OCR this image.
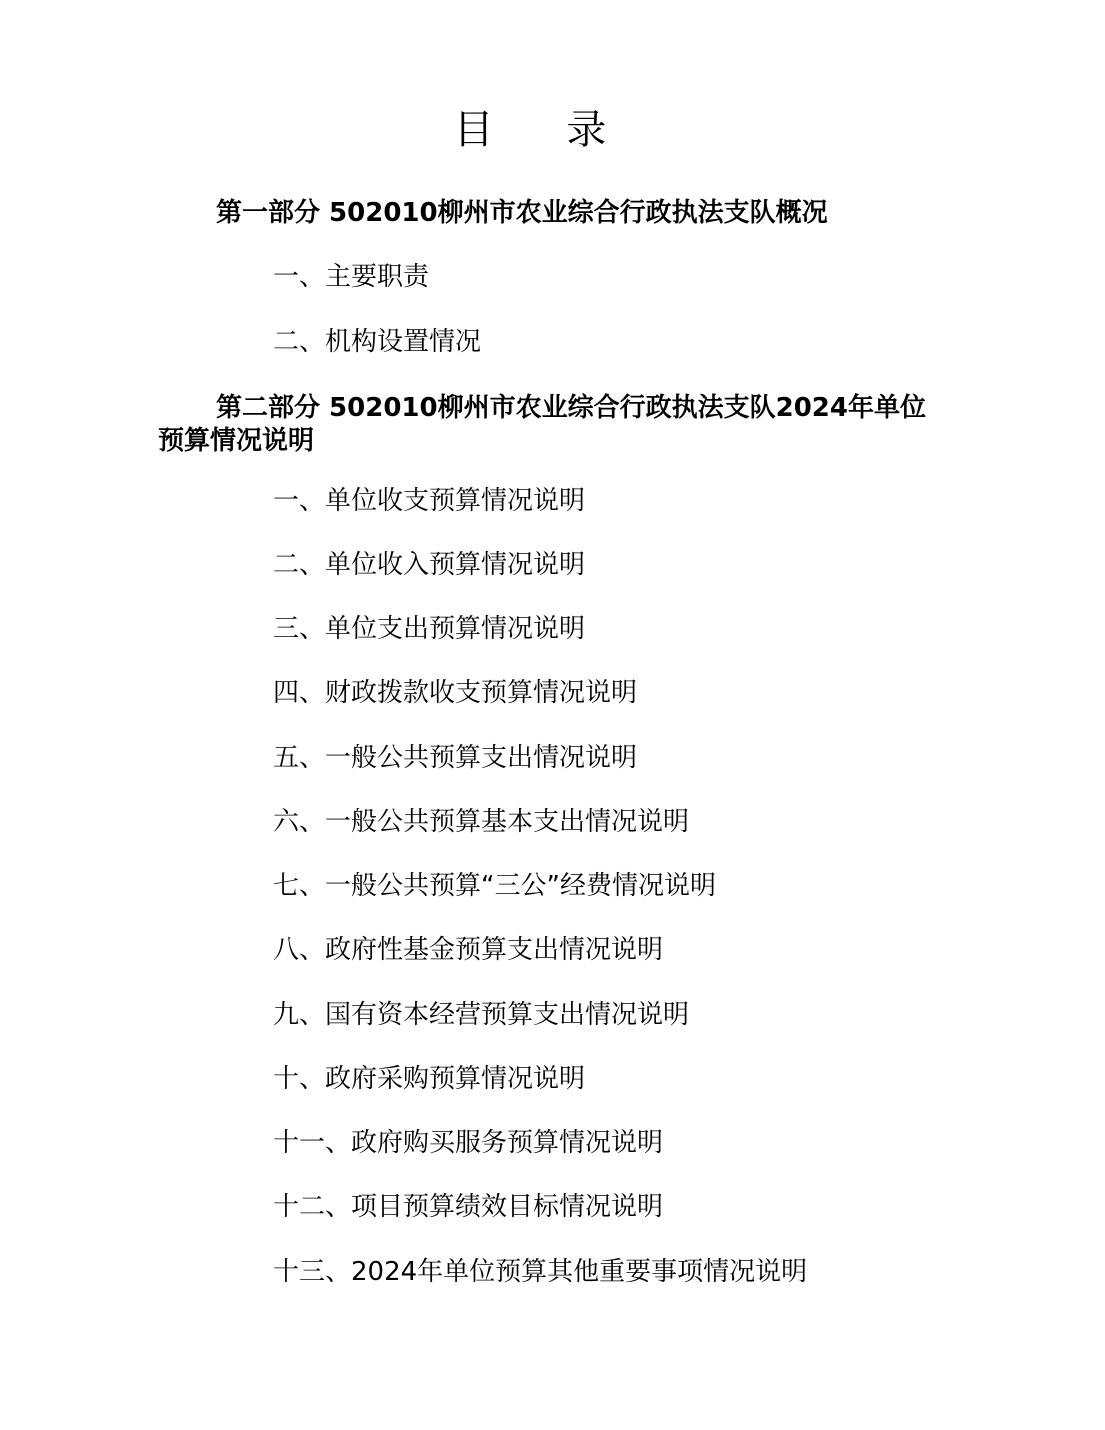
目 录
第一部分 502010柳州市农业综合行政执法支队概况
一、主要职责
二、机构设置情况
第二部分 502010柳州市农业综合行政执法支队2024年单位预算情况说明
一、单位收支预算情况说明
二、单位收入预算情况说明
三、单位支出预算情况说明
四、财政拨款收支预算情况说明
五、一般公共预算支出情况说明
六、一般公共预算基本支出情况说明
七、一般公共预算“三公”经费情况说明
八、政府性基金预算支出情况说明
九、国有资本经营预算支出情况说明
十、政府采购预算情况说明
十一、政府购买服务预算情况说明
十二、项目预算绩效目标情况说明
十三、2024年单位预算其他重要事项情况说明
